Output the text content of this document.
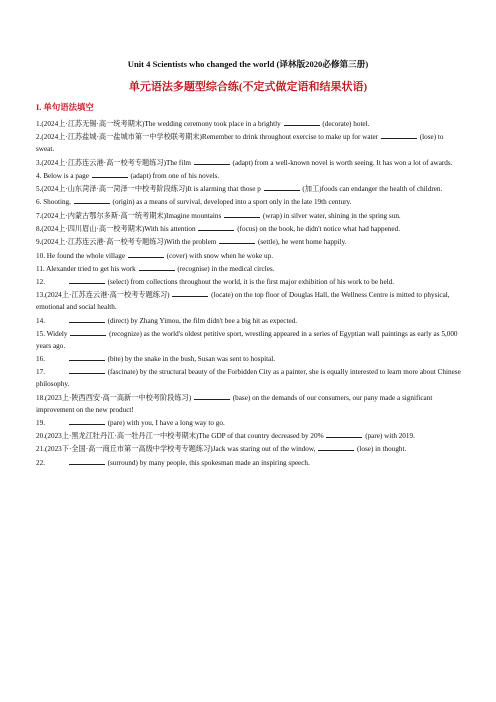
Unit 4 Scientists who changed the world (译林版2020必修第三册)
单元语法多题型综合练(不定式做定语和结果状语)
I. 单句语法填空
1.(2024上·江苏无锡·高一统考期末)The wedding ceremony took place in a brightly	(decorate) hotel.
2.(2024上·江苏盐城·高一盐城市第一中学校联考期末)Remember to drink throughout exercise to make up for water	(lose) to sweat.
3.(2024上·江苏连云港·高一校考专题练习)The film	(adapt) from a well-known novel is worth seeing. It has won a lot of awards.
4. Below is a page	(adapt) from one of his novels.
5.(2024上·山东菏泽·高一菏泽一中校考阶段练习)It is alarming that those p	(加工)foods can endanger the health of children.
6. Shooting,	(origin) as a means of survival, developed into a sport only in the late 19th century.
7.(2024上·内蒙古鄂尔多斯·高一统考期末)Imagine mountains	(wrap) in silver water, shining in the spring sun.
8.(2024上·四川眉山·高一校考期末)With his attention	(focus) on the book, he didn't notice what had happened.
9.(2024上·江苏连云港·高一校考专题练习)With the problem	(settle), he went home happily.
10. He found the whole village	(cover) with snow when he woke up.
11. Alexander tried to get his work	(recognise) in the medical circles.
12.	(select) from collections throughout the world, it is the first major exhibition of his work to be held.
13.(2024上·江苏连云港·高一校考专题练习)	(locate) on the top floor of Douglas Hall, the Wellness Centre is mitted to physical, emotional and social health.
14.	(direct) by Zhang Yimou, the film didn't bee a big hit as expected.
15. Widely	(recognize) as the world's oldest petitive sport, wrestling appeared in a series of Egyptian wall paintings as early as 5,000 years ago.
16.	(bite) by the snake in the bush, Susan was sent to hospital.
17.	(fascinate) by the structural beauty of the Forbidden City as a painter, she is equally interested to learn more about Chinese philosophy.
18.(2023上·陕西西安·高一高新一中校考阶段练习)	(base) on the demands of our consumers, our pany made a significant improvement on the new product!
19.	(pare) with you, I have a long way to go.
20.(2023上·黑龙江牡丹江·高一牡丹江一中校考期末)The GDP of that country decreased by 20%	(pare) with 2019.
21.(2023下·全国·高一商丘市第一高级中学校考专题练习)Jack was staring out of the window,	(lose) in thought.
22.	(surround) by many people, this spokesman made an inspiring speech.
